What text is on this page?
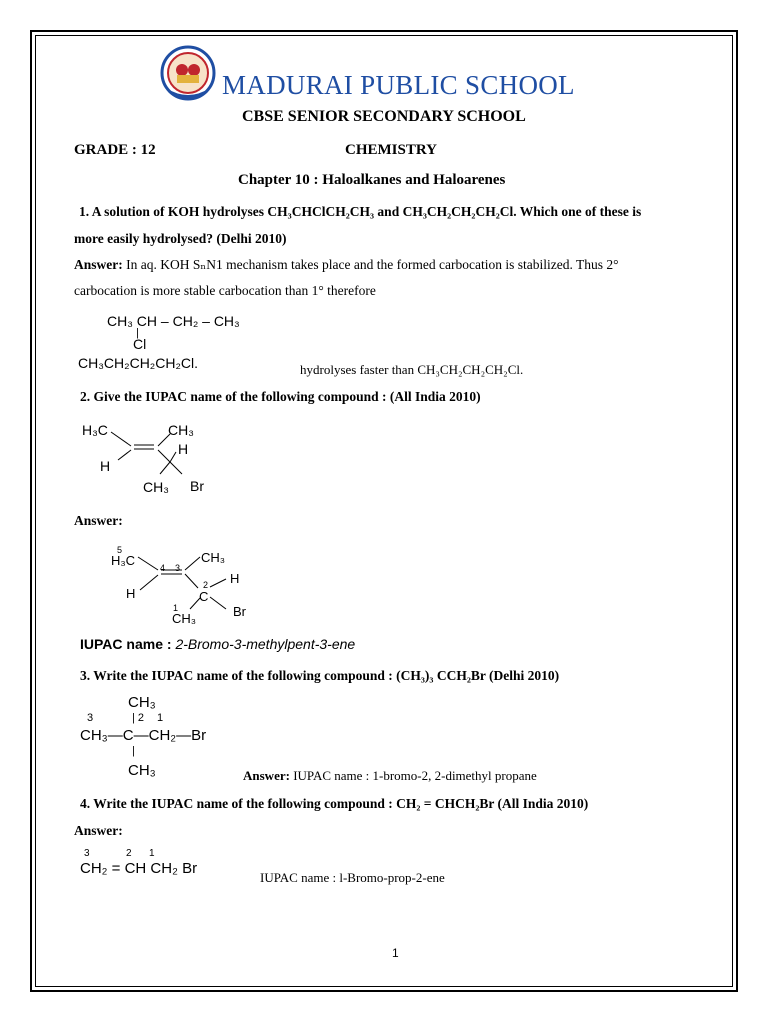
MADURAI PUBLIC SCHOOL
CBSE SENIOR SECONDARY SCHOOL
GRADE : 12	CHEMISTRY
Chapter 10 : Haloalkanes and Haloarenes
1. A solution of KOH hydrolyses CH₃CHClCH₂CH₃ and CH₃CH₂CH₂CH₂Cl. Which one of these is
more easily hydrolysed? (Delhi 2010)
Answer: In aq. KOH SₙN1 mechanism takes place and the formed carbocation is stabilized. Thus 2°
carbocation is more stable carbocation than 1° therefore
CH₃ CH – CH₂ – CH₃
|
Cl
CH₃CH₂CH₂CH₂Cl.	hydrolyses faster than CH₃CH₂CH₂CH₂Cl.
2. Give the IUPAC name of the following compound : (All India 2010)
H₃C	CH₃
H
H
CH₃ Br
Answer:
5
H₃C	4 3
CH₃
2 H
C
H
Br
1
CH₃
IUPAC name : 2-Bromo-3-methylpent-3-ene
3. Write the IUPAC name of the following compound : (CH₃)₃ CCH₂Br (Delhi 2010)
CH₃
3	| 2 1
CH₃—C—CH₂—Br
|
CH₃	Answer: IUPAC name : 1-bromo-2, 2-dimethyl propane
4. Write the IUPAC name of the following compound : CH₂ = CHCH₂Br (All India 2010)
Answer:
3	2 1
CH₂ = CH CH₂ Br
IUPAC name : l-Bromo-prop-2-ene
1
